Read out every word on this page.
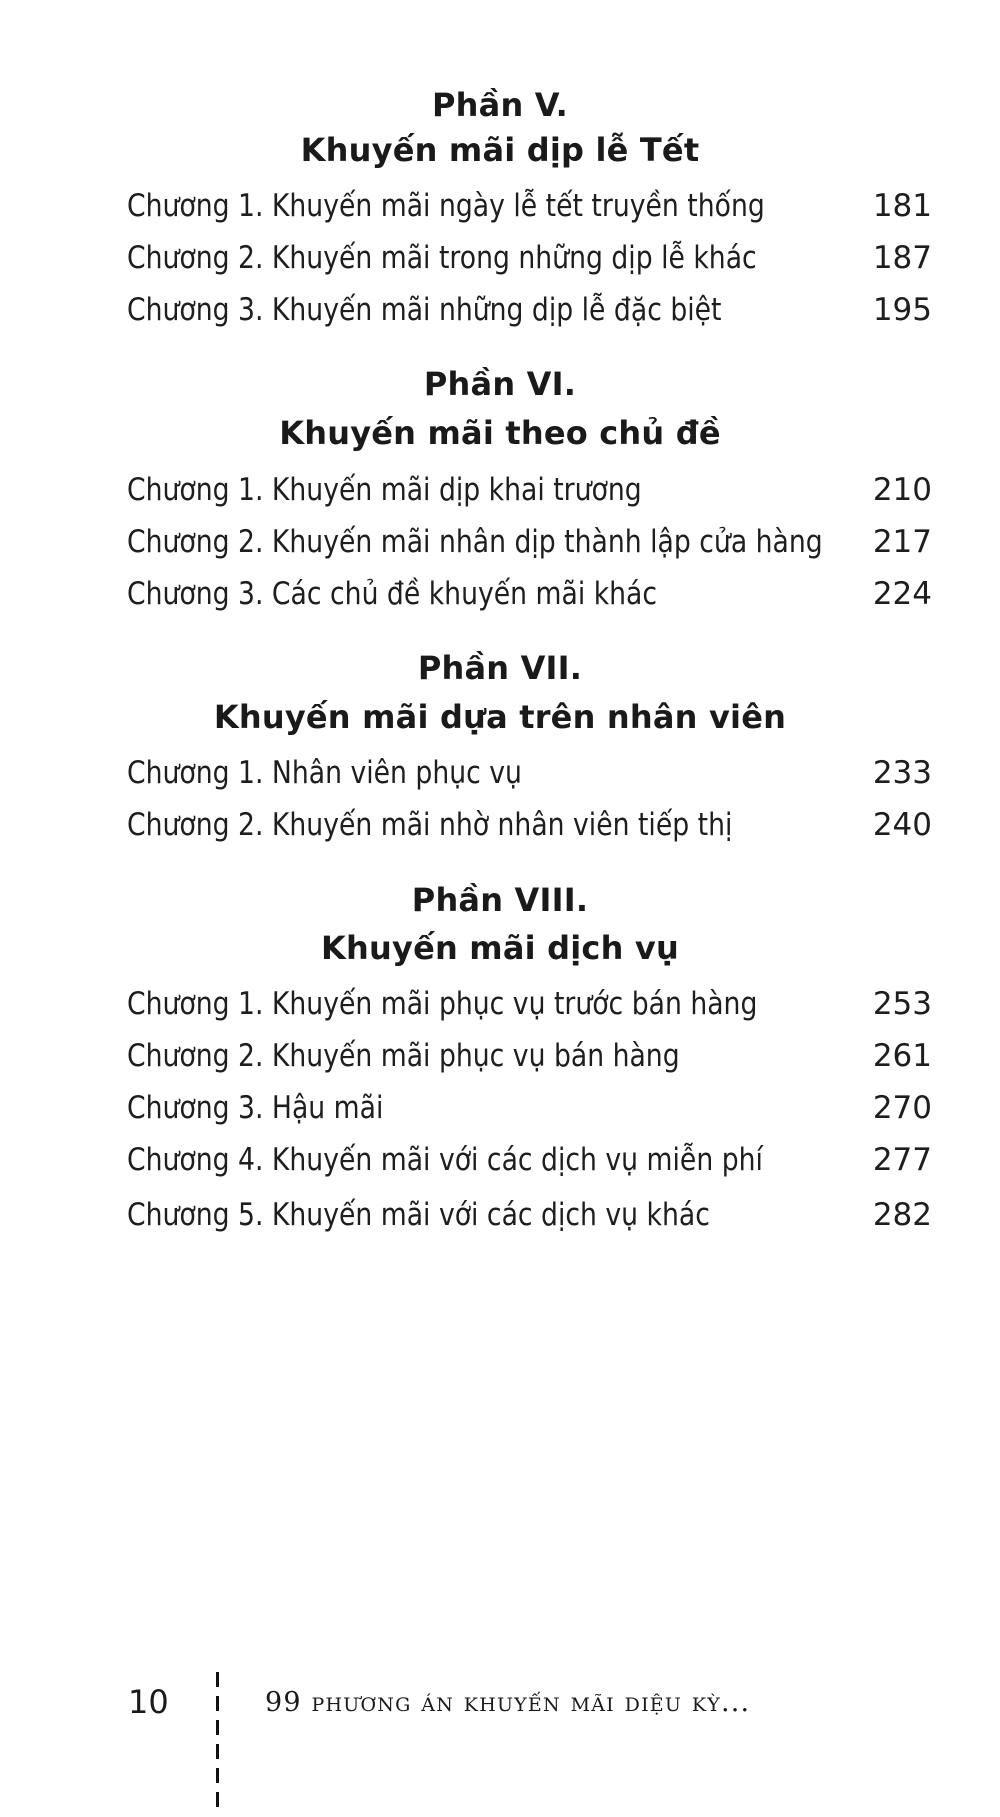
Phần V.
Khuyến mãi dịp lễ Tết
Chương 1. Khuyến mãi ngày lễ tết truyền thống	181
Chương 2. Khuyến mãi trong những dịp lễ khác	187
Chương 3. Khuyến mãi những dịp lễ đặc biệt	195
Phần VI.
Khuyến mãi theo chủ đề
Chương 1. Khuyến mãi dịp khai trương	210
Chương 2. Khuyến mãi nhân dịp thành lập cửa hàng 217
Chương 3. Các chủ đề khuyến mãi khác	224
Phần VII.
Khuyến mãi dựa trên nhân viên
Chương 1. Nhân viên phục vụ	233
Chương 2. Khuyến mãi nhờ nhân viên tiếp thị	240
Phần VIII.
Khuyến mãi dịch vụ
Chương 1. Khuyến mãi phục vụ trước bán hàng	253
Chương 2. Khuyến mãi phục vụ bán hàng	261
Chương 3. Hậu mãi	270
Chương 4. Khuyến mãi với các dịch vụ miễn phí	277
Chương 5. Khuyến mãi với các dịch vụ khác	282
10	99 phương án khuyến mãi diệu kỳ...
